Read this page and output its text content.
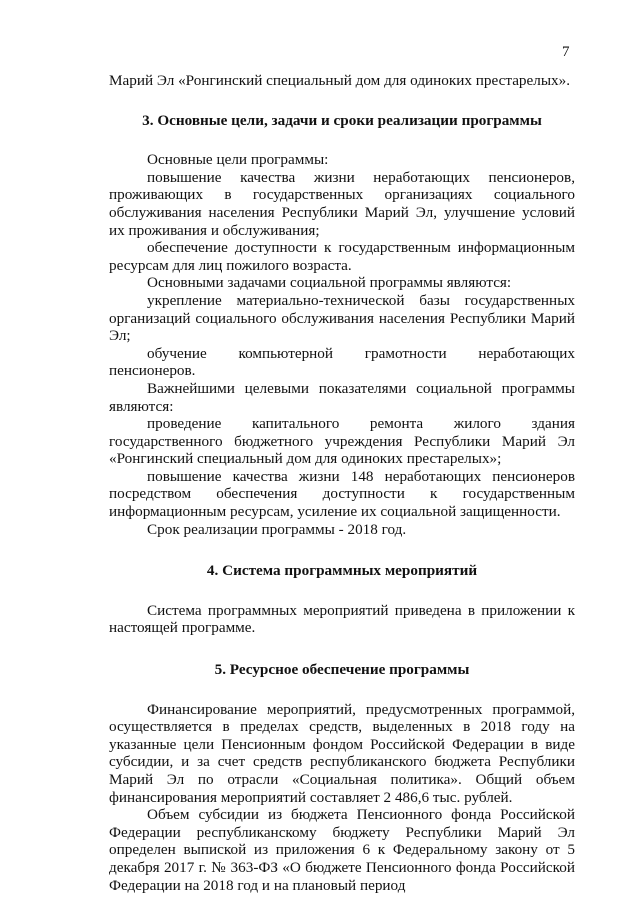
7

Марий Эл «Ронгинский специальный дом для одиноких престарелых».

3. Основные цели, задачи и сроки реализации программы

Основные цели программы:

повышение качества жизни неработающих пенсионеров, проживающих в государственных организациях социального обслуживания населения Республики Марий Эл, улучшение условий их проживания и обслуживания;

обеспечение доступности к государственным информационным ресурсам для лиц пожилого возраста.

Основными задачами социальной программы являются:

укрепление материально-технической базы государственных организаций социального обслуживания населения Республики Марий Эл;

обучение компьютерной грамотности неработающих пенсионеров.

Важнейшими целевыми показателями социальной программы являются:

проведение капитального ремонта жилого здания государственного бюджетного учреждения Республики Марий Эл «Ронгинский специальный дом для одиноких престарелых»;

повышение качества жизни 148 неработающих пенсионеров посредством обеспечения доступности к государственным информационным ресурсам, усиление их социальной защищенности.

Срок реализации программы - 2018 год.

4. Система программных мероприятий

Система программных мероприятий приведена в приложении к настоящей программе.

5. Ресурсное обеспечение программы

Финансирование мероприятий, предусмотренных программой, осуществляется в пределах средств, выделенных в 2018 году на указанные цели Пенсионным фондом Российской Федерации в виде субсидии, и за счет средств республиканского бюджета Республики Марий Эл по отрасли «Социальная политика». Общий объем финансирования мероприятий составляет 2 486,6 тыс. рублей.

Объем субсидии из бюджета Пенсионного фонда Российской Федерации республиканскому бюджету Республики Марий Эл определен выпиской из приложения 6 к Федеральному закону от 5 декабря 2017 г. № 363-ФЗ «О бюджете Пенсионного фонда Российской Федерации на 2018 год и на плановый период
